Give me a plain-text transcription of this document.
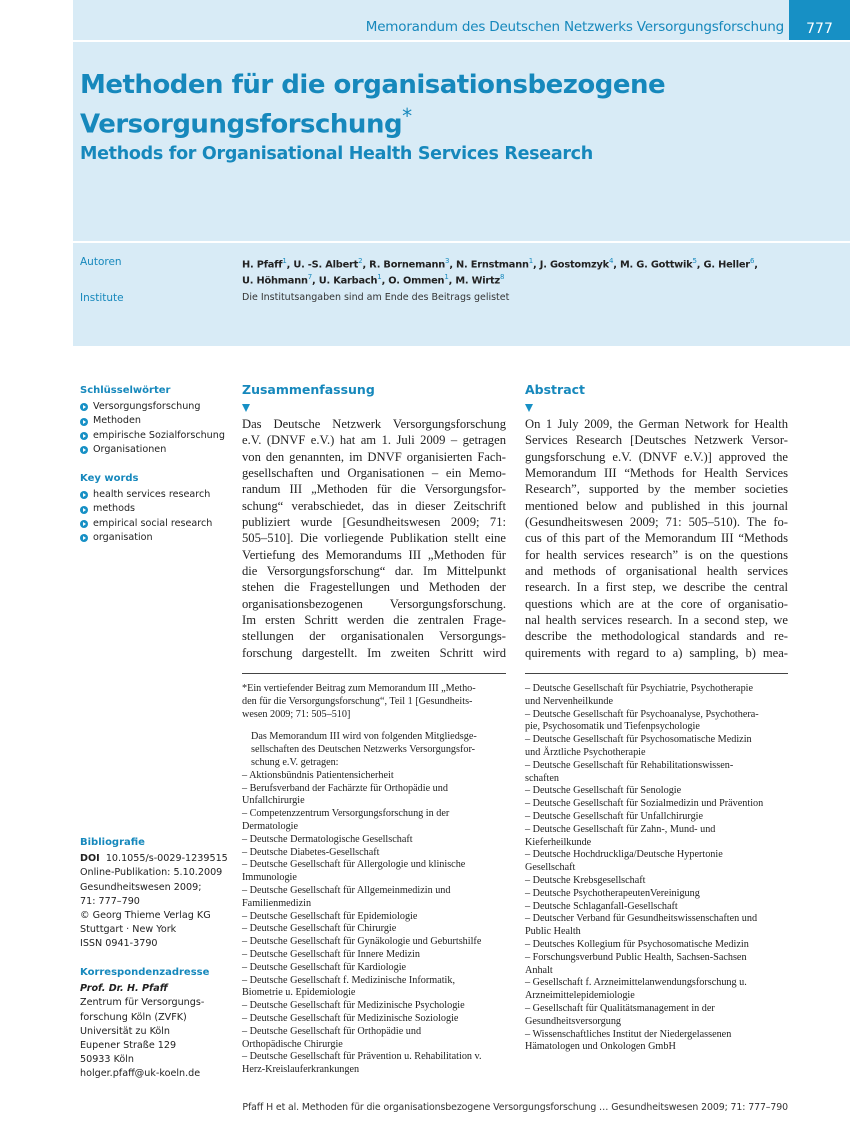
Memorandum des Deutschen Netzwerks Versorgungsforschung	777
Methoden für die organisationsbezogene
Versorgungsforschung*
Methods for Organisational Health Services Research
Autoren	H. Pfaff$^1$, U. -S. Albert$^2$, R. Bornemann$^3$, N. Ernstmann$^1$, J. Gostomzyk$^4$, M. G. Gottwik$^5$, G. Heller$^6$,
U. Höhmann$^7$, U. Karbach$^1$, O. Ommen$^1$, M. Wirtz$^8$
Institute	Die Institutsangaben sind am Ende des Beitrags gelistet
Schlüsselwörter
Versorgungsforschung
Methoden
empirische Sozialforschung
Organisationen
Key words
health services research
methods
empirical social research
organisation
Bibliografie
DOI 10.1055/s-0029-1239515
Online-Publikation: 5.10.2009
Gesundheitswesen 2009;
71: 777–790
© Georg Thieme Verlag KG
Stuttgart · New York
ISSN 0941-3790
Korrespondenzadresse
Prof. Dr. H. Pfaff
Zentrum für Versorgungs-
forschung Köln (ZVFK)
Universität zu Köln
Eupener Straße 129
50933 Köln
holger.pfaff@uk-koeln.de
Zusammenfassung
Das Deutsche Netzwerk Versorgungsforschung
e.V. (DNVF e.V.) hat am 1. Juli 2009 – getragen
von den genannten, im DNVF organisierten Fach-
gesellschaften und Organisationen – ein Memo-
randum III „Methoden für die Versorgungsfor-
schung“ verabschiedet, das in dieser Zeitschrift
publiziert wurde [Gesundheitswesen 2009; 71:
505–510]. Die vorliegende Publikation stellt eine
Vertiefung des Memorandums III „Methoden für
die Versorgungsforschung“ dar. Im Mittelpunkt
stehen die Fragestellungen und Methoden der
organisationsbezogenen Versorgungsforschung.
Im ersten Schritt werden die zentralen Frage-
stellungen der organisationalen Versorgungs-
forschung dargestellt. Im zweiten Schritt wird
Abstract
On 1 July 2009, the German Network for Health
Services Research [Deutsches Netzwerk Versor-
gungsforschung e.V. (DNVF e.V.)] approved the
Memorandum III “Methods for Health Services
Research”, supported by the member societies
mentioned below and published in this journal
(Gesundheitswesen 2009; 71: 505–510). The fo-
cus of this part of the Memorandum III “Methods
for health services research” is on the questions
and methods of organisational health services
research. In a first step, we describe the central
questions which are at the core of organisatio-
nal health services research. In a second step, we
describe the methodological standards and re-
quirements with regard to a) sampling, b) mea-
*Ein vertiefender Beitrag zum Memorandum III „Metho-
den für die Versorgungsforschung“, Teil 1 [Gesundheits-
wesen 2009; 71: 505–510]
Das Memorandum III wird von folgenden Mitgliedsge-
sellschaften des Deutschen Netzwerks Versorgungsfor-
schung e.V. getragen:
– Aktionsbündnis Patientensicherheit
– Berufsverband der Fachärzte für Orthopädie und
Unfallchirurgie
– Competenzzentrum Versorgungsforschung in der
Dermatologie
– Deutsche Dermatologische Gesellschaft
– Deutsche Diabetes-Gesellschaft
– Deutsche Gesellschaft für Allergologie und klinische
Immunologie
– Deutsche Gesellschaft für Allgemeinmedizin und
Familienmedizin
– Deutsche Gesellschaft für Epidemiologie
– Deutsche Gesellschaft für Chirurgie
– Deutsche Gesellschaft für Gynäkologie und Geburtshilfe
– Deutsche Gesellschaft für Innere Medizin
– Deutsche Gesellschaft für Kardiologie
– Deutsche Gesellschaft f. Medizinische Informatik,
Biometrie u. Epidemiologie
– Deutsche Gesellschaft für Medizinische Psychologie
– Deutsche Gesellschaft für Medizinische Soziologie
– Deutsche Gesellschaft für Orthopädie und
Orthopädische Chirurgie
– Deutsche Gesellschaft für Prävention u. Rehabilitation v.
Herz-Kreislauferkrankungen
– Deutsche Gesellschaft für Psychiatrie, Psychotherapie
und Nervenheilkunde
– Deutsche Gesellschaft für Psychoanalyse, Psychothera-
pie, Psychosomatik und Tiefenpsychologie
– Deutsche Gesellschaft für Psychosomatische Medizin
und Ärztliche Psychotherapie
– Deutsche Gesellschaft für Rehabilitationswissen-
schaften
– Deutsche Gesellschaft für Senologie
– Deutsche Gesellschaft für Sozialmedizin und Prävention
– Deutsche Gesellschaft für Unfallchirurgie
– Deutsche Gesellschaft für Zahn-, Mund- und
Kieferheilkunde
– Deutsche Hochdruckliga/Deutsche Hypertonie
Gesellschaft
– Deutsche Krebsgesellschaft
– Deutsche PsychotherapeutenVereinigung
– Deutsche Schlaganfall-Gesellschaft
– Deutscher Verband für Gesundheitswissenschaften und
Public Health
– Deutsches Kollegium für Psychosomatische Medizin
– Forschungsverbund Public Health, Sachsen-Sachsen
Anhalt
– Gesellschaft f. Arzneimittelanwendungsforschung u.
Arzneimittelepidemiologie
– Gesellschaft für Qualitätsmanagement in der
Gesundheitsversorgung
– Wissenschaftliches Institut der Niedergelassenen
Hämatologen und Onkologen GmbH
Pfaff H et al. Methoden für die organisationsbezogene Versorgungsforschung … Gesundheitswesen 2009; 71: 777–790
